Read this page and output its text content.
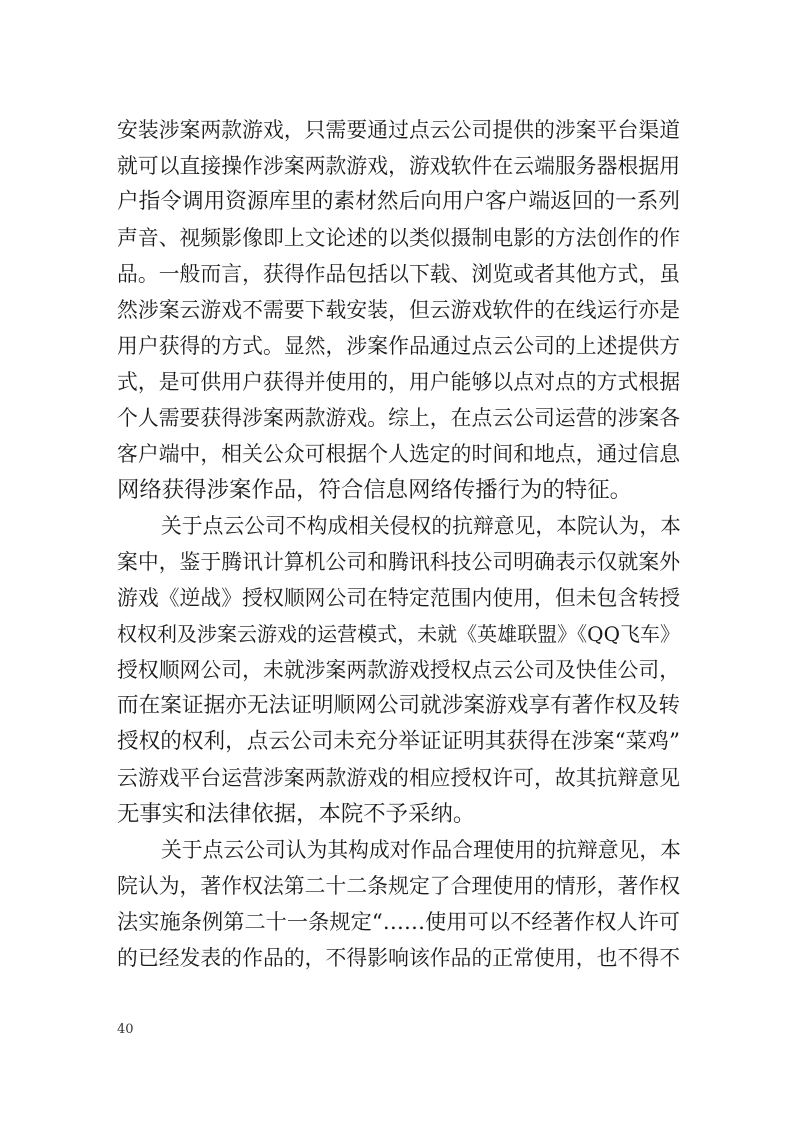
安装涉案两款游戏，只需要通过点云公司提供的涉案平台渠道
就可以直接操作涉案两款游戏，游戏软件在云端服务器根据用
户指令调用资源库里的素材然后向用户客户端返回的一系列
声音、视频影像即上文论述的以类似摄制电影的方法创作的作
品。一般而言，获得作品包括以下载、浏览或者其他方式，虽
然涉案云游戏不需要下载安装，但云游戏软件的在线运行亦是
用户获得的方式。显然，涉案作品通过点云公司的上述提供方
式，是可供用户获得并使用的，用户能够以点对点的方式根据
个人需要获得涉案两款游戏。综上，在点云公司运营的涉案各
客户端中，相关公众可根据个人选定的时间和地点，通过信息
网络获得涉案作品，符合信息网络传播行为的特征。
关于点云公司不构成相关侵权的抗辩意见，本院认为，本
案中，鉴于腾讯计算机公司和腾讯科技公司明确表示仅就案外
游戏《逆战》授权顺网公司在特定范围内使用，但未包含转授
权权利及涉案云游戏的运营模式，未就《英雄联盟》《QQ飞车》
授权顺网公司，未就涉案两款游戏授权点云公司及快佳公司，
而在案证据亦无法证明顺网公司就涉案游戏享有著作权及转
授权的权利，点云公司未充分举证证明其获得在涉案“菜鸡”
云游戏平台运营涉案两款游戏的相应授权许可，故其抗辩意见
无事实和法律依据，本院不予采纳。
关于点云公司认为其构成对作品合理使用的抗辩意见，本
院认为，著作权法第二十二条规定了合理使用的情形，著作权
法实施条例第二十一条规定“……使用可以不经著作权人许可
的已经发表的作品的，不得影响该作品的正常使用，也不得不
40
